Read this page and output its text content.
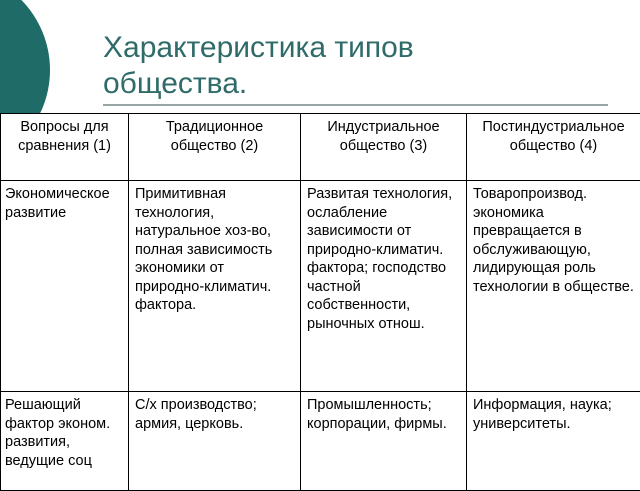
Характеристика типов
общества.
Вопросы для сравнения (1)	Традиционное общество (2)	Индустриальное общество (3)	Постиндустриальное общество (4)
Экономическое развитие	Примитивная технология, натуральное хоз-во, полная зависимость экономики от природно-климатич. фактора.	Развитая технология, ослабление зависимости от природно-климатич. фактора; господство частной собственности, рыночных отнош.	Товаропроизвод. экономика превращается в обслуживающую, лидирующая роль технологии в обществе.
Решающий фактор эконом. развития, ведущие соц	С/х производство; армия, церковь.	Промышленность; корпорации, фирмы.	Информация, наука; университеты.
